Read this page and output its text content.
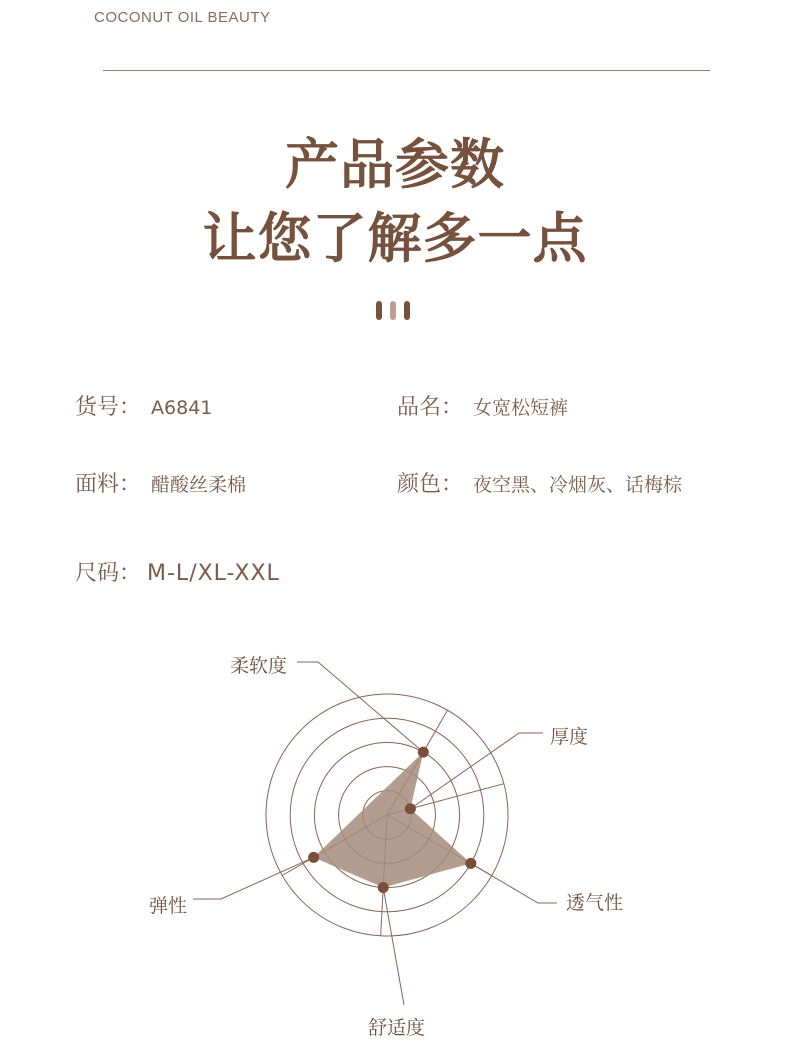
COCONUT OIL BEAUTY
产品参数
让您了解多一点
货号： A6841	品名： 女宽松短裤
面料： 醋酸丝柔棉	颜色： 夜空黑、冷烟灰、话梅棕
尺码： M-L/XL-XXL
柔软度
厚度
透气性
舒适度
弹性
